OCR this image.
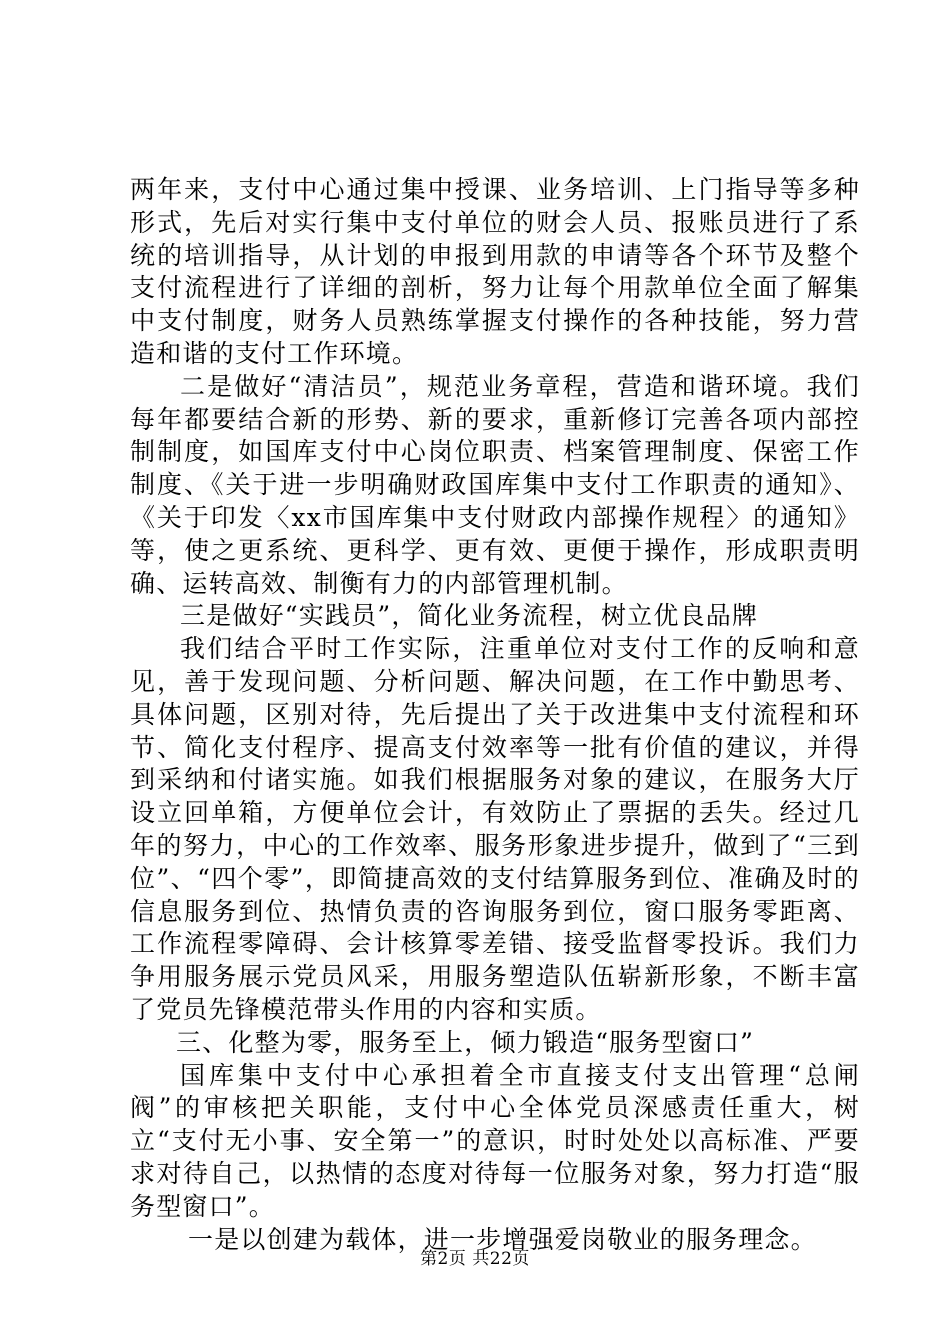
两年来，支付中心通过集中授课、业务培训、上门指导等多种形式，先后对实行集中支付单位的财会人员、报账员进行了系统的培训指导，从计划的申报到用款的申请等各个环节及整个支付流程进行了详细的剖析，努力让每个用款单位全面了解集中支付制度，财务人员熟练掌握支付操作的各种技能，努力营造和谐的支付工作环境。

二是做好“清洁员”，规范业务章程，营造和谐环境。我们每年都要结合新的形势、新的要求，重新修订完善各项内部控制制度，如国库支付中心岗位职责、档案管理制度、保密工作制度、《关于进一步明确财政国库集中支付工作职责的通知》、《关于印发〈xx市国库集中支付财政内部操作规程〉的通知》等，使之更系统、更科学、更有效、更便于操作，形成职责明确、运转高效、制衡有力的内部管理机制。

三是做好“实践员”，简化业务流程，树立优良品牌

我们结合平时工作实际，注重单位对支付工作的反响和意见，善于发现问题、分析问题、解决问题，在工作中勤思考、具体问题，区别对待，先后提出了关于改进集中支付流程和环节、简化支付程序、提高支付效率等一批有价值的建议，并得到采纳和付诸实施。如我们根据服务对象的建议，在服务大厅设立回单箱，方便单位会计，有效防止了票据的丢失。经过几年的努力，中心的工作效率、服务形象进步提升，做到了“三到位”、“四个零”，即简捷高效的支付结算服务到位、准确及时的信息服务到位、热情负责的咨询服务到位，窗口服务零距离、工作流程零障碍、会计核算零差错、接受监督零投诉。我们力争用服务展示党员风采，用服务塑造队伍崭新形象，不断丰富了党员先锋模范带头作用的内容和实质。

三、化整为零，服务至上，倾力锻造“服务型窗口”

国库集中支付中心承担着全市直接支付支出管理“总闸阀”的审核把关职能，支付中心全体党员深感责任重大，树立“支付无小事、安全第一”的意识，时时处处以高标准、严要求对待自己，以热情的态度对待每一位服务对象，努力打造“服务型窗口”。

一是以创建为载体，进一步增强爱岗敬业的服务理念。

第2页 共22页
